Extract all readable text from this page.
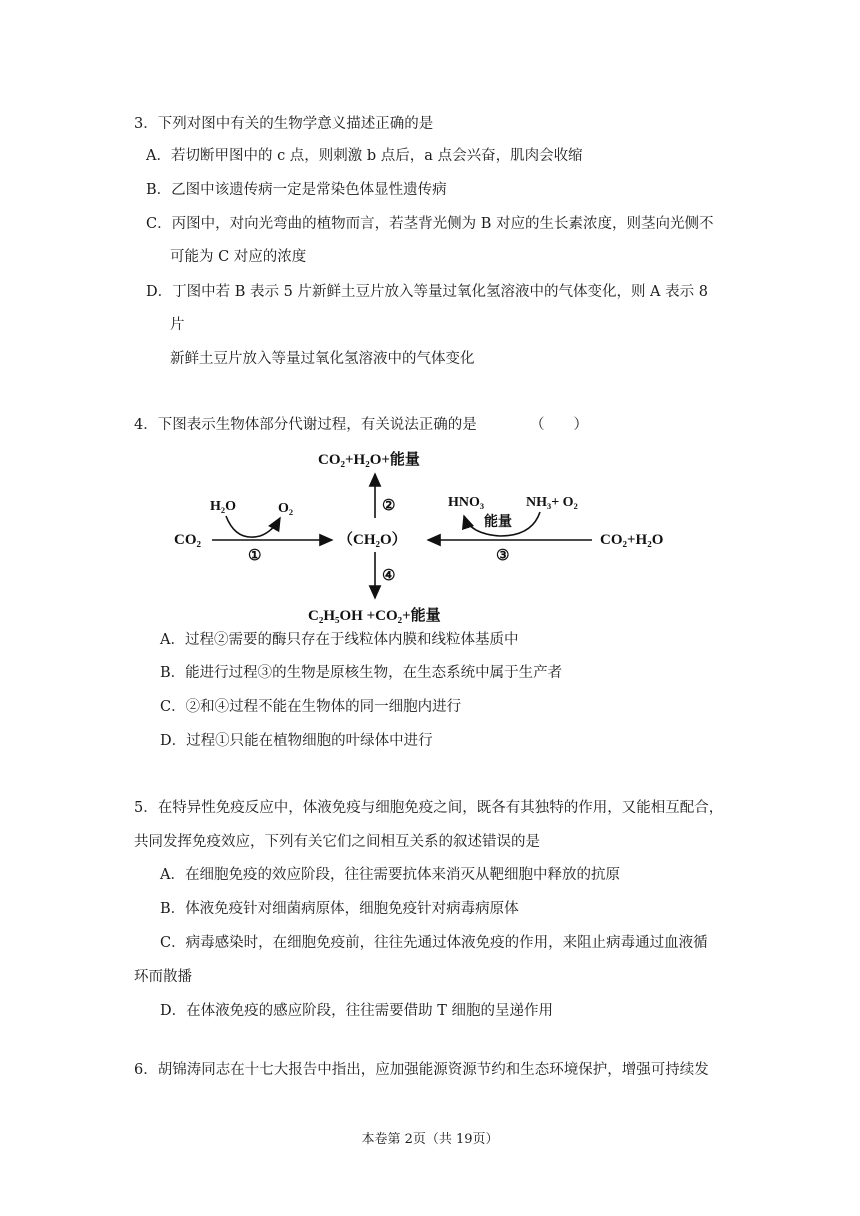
3．下列对图中有关的生物学意义描述正确的是
A．若切断甲图中的 c 点，则刺激 b 点后，a 点会兴奋，肌肉会收缩
B．乙图中该遗传病一定是常染色体显性遗传病
C．丙图中，对向光弯曲的植物而言，若茎背光侧为 B 对应的生长素浓度，则茎向光侧不
可能为 C 对应的浓度
D．丁图中若 B 表示 5 片新鲜土豆片放入等量过氧化氢溶液中的气体变化，则 A 表示 8
片
新鲜土豆片放入等量过氧化氢溶液中的气体变化
4．下图表示生物体部分代谢过程，有关说法正确的是	（　　）
CO₂+H₂O+能量
②
CO₂
H₂O	O₂
①
（CH₂O）
HNO₃	NH₃+ O₂
能量
③
CO₂+H₂O
④
C₂H₅OH +CO₂+能量
A．过程②需要的酶只存在于线粒体内膜和线粒体基质中
B．能进行过程③的生物是原核生物，在生态系统中属于生产者
C．②和④过程不能在生物体的同一细胞内进行
D．过程①只能在植物细胞的叶绿体中进行
5．在特异性免疫反应中，体液免疫与细胞免疫之间，既各有其独特的作用，又能相互配合，
共同发挥免疫效应，下列有关它们之间相互关系的叙述错误的是
A．在细胞免疫的效应阶段，往往需要抗体来消灭从靶细胞中释放的抗原
B．体液免疫针对细菌病原体，细胞免疫针对病毒病原体
C．病毒感染时，在细胞免疫前，往往先通过体液免疫的作用，来阻止病毒通过血液循
环而散播
D．在体液免疫的感应阶段，往往需要借助 T 细胞的呈递作用
6．胡锦涛同志在十七大报告中指出，应加强能源资源节约和生态环境保护，增强可持续发
本卷第 2页（共 19页）
